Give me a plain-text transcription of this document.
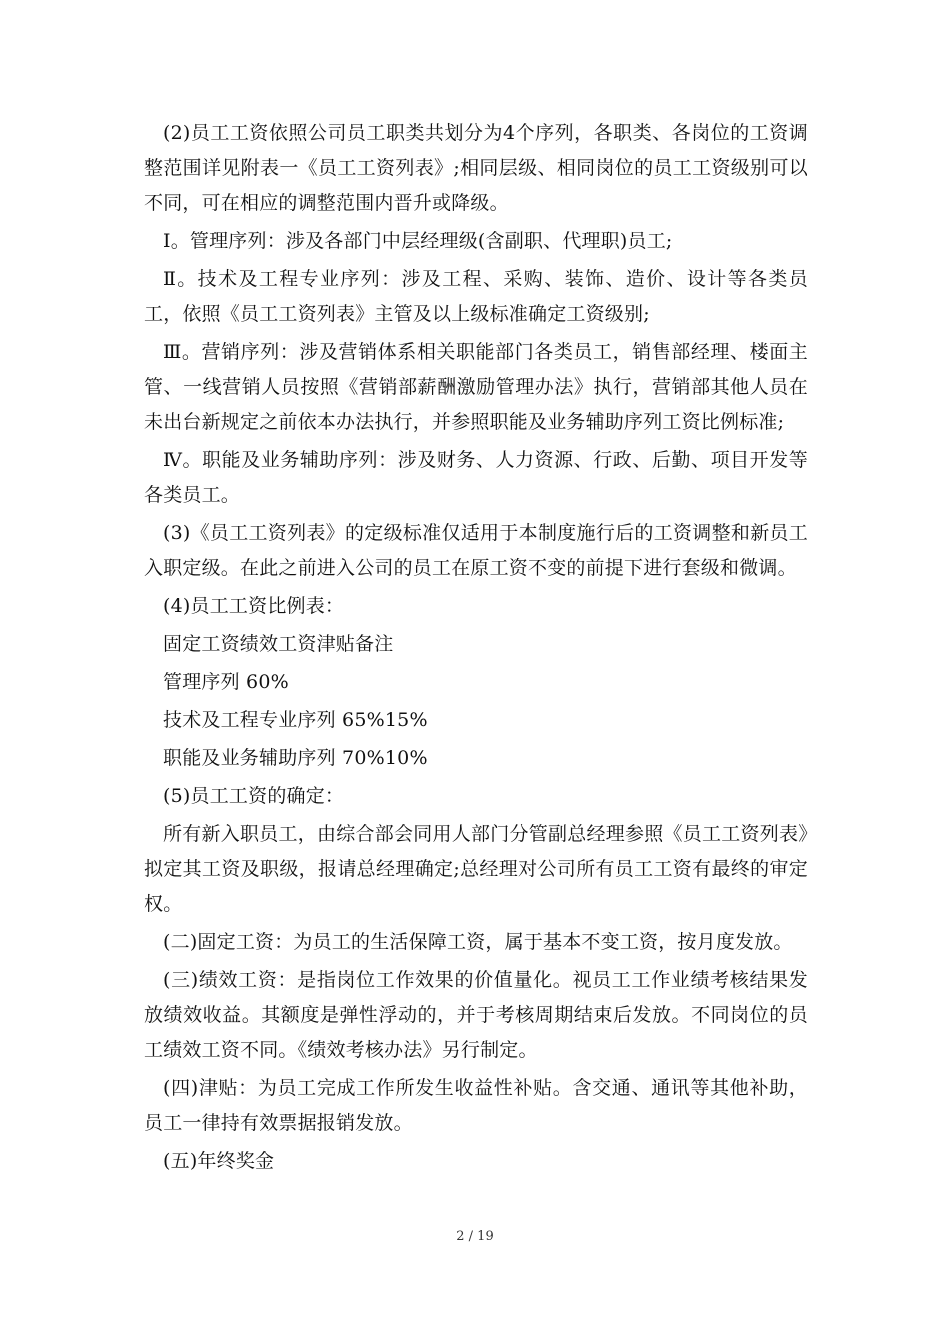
(2)员工工资依照公司员工职类共划分为4个序列，各职类、各岗位的工资调整范围详见附表一《员工工资列表》;相同层级、相同岗位的员工工资级别可以不同，可在相应的调整范围内晋升或降级。

Ⅰ。管理序列：涉及各部门中层经理级(含副职、代理职)员工;

Ⅱ。技术及工程专业序列：涉及工程、采购、装饰、造价、设计等各类员工，依照《员工工资列表》主管及以上级标准确定工资级别;

Ⅲ。营销序列：涉及营销体系相关职能部门各类员工，销售部经理、楼面主管、一线营销人员按照《营销部薪酬激励管理办法》执行，营销部其他人员在未出台新规定之前依本办法执行，并参照职能及业务辅助序列工资比例标准;

Ⅳ。职能及业务辅助序列：涉及财务、人力资源、行政、后勤、项目开发等各类员工。

(3)《员工工资列表》的定级标准仅适用于本制度施行后的工资调整和新员工入职定级。在此之前进入公司的员工在原工资不变的前提下进行套级和微调。

(4)员工工资比例表：

固定工资绩效工资津贴备注

管理序列 60%

技术及工程专业序列 65%15%

职能及业务辅助序列 70%10%

(5)员工工资的确定：

所有新入职员工，由综合部会同用人部门分管副总经理参照《员工工资列表》拟定其工资及职级，报请总经理确定;总经理对公司所有员工工资有最终的审定权。

(二)固定工资：为员工的生活保障工资，属于基本不变工资，按月度发放。

(三)绩效工资：是指岗位工作效果的价值量化。视员工工作业绩考核结果发放绩效收益。其额度是弹性浮动的，并于考核周期结束后发放。不同岗位的员工绩效工资不同。《绩效考核办法》另行制定。

(四)津贴：为员工完成工作所发生收益性补贴。含交通、通讯等其他补助，员工一律持有效票据报销发放。

(五)年终奖金

2 / 19
